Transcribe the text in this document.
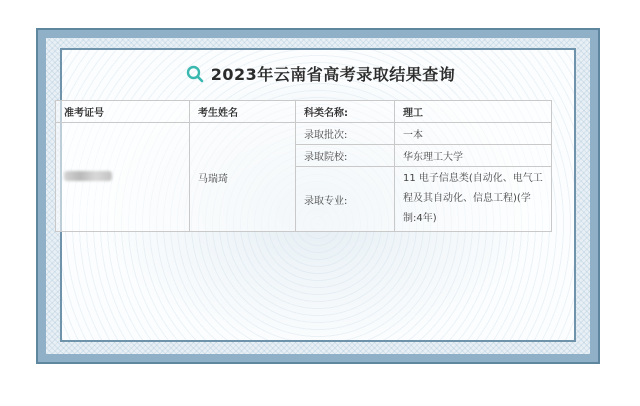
2023年云南省高考录取结果查询
准考证号	考生姓名	科类名称:	理工
	马瑞琦	录取批次:	一本
		录取院校:	华东理工大学
		录取专业:	11 电子信息类(自动化、电气工程及其自动化、信息工程)(学制:4年)
